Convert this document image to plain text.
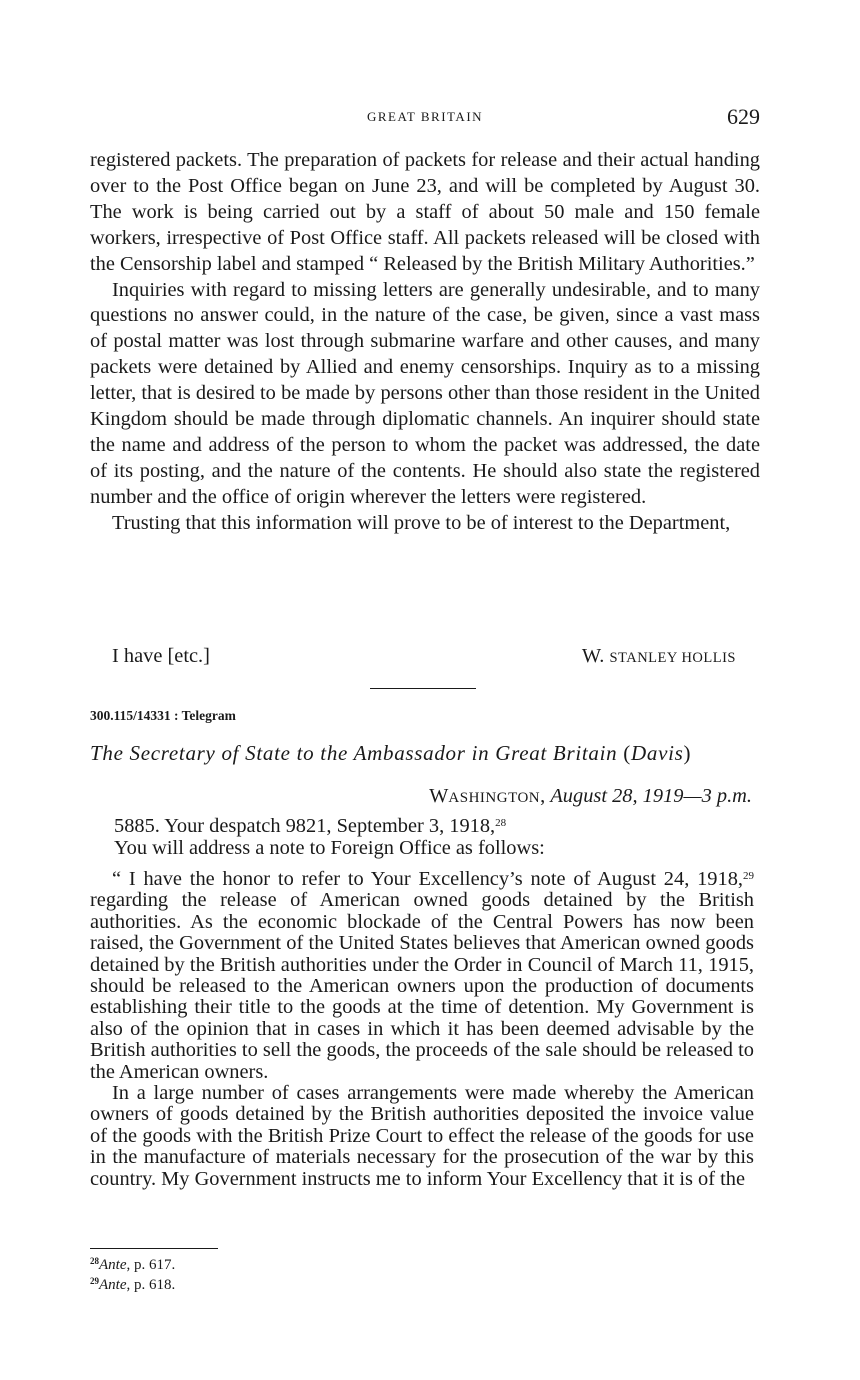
GREAT BRITAIN	629

registered packets. The preparation of packets for release and their actual handing over to the Post Office began on June 23, and will be completed by August 30. The work is being carried out by a staff of about 50 male and 150 female workers, irrespective of Post Office staff. All packets released will be closed with the Censorship label and stamped “ Released by the British Military Authorities.”

Inquiries with regard to missing letters are generally undesirable, and to many questions no answer could, in the nature of the case, be given, since a vast mass of postal matter was lost through submarine warfare and other causes, and many packets were detained by Allied and enemy censorships. Inquiry as to a missing letter, that is desired to be made by persons other than those resident in the United Kingdom should be made through diplomatic channels. An inquirer should state the name and address of the person to whom the packet was addressed, the date of its posting, and the nature of the contents. He should also state the registered number and the office of origin wherever the letters were registered.

Trusting that this information will prove to be of interest to the Department,

I have [etc.]	W. STANLEY HOLLIS
300.115/14331 : Telegram
The Secretary of State to the Ambassador in Great Britain (Davis)
WASHINGTON, August 28, 1919—3 p.m.
5885. Your despatch 9821, September 3, 1918,28
You will address a note to Foreign Office as follows:

“ I have the honor to refer to Your Excellency’s note of August 24, 1918,29 regarding the release of American owned goods detained by the British authorities. As the economic blockade of the Central Powers has now been raised, the Government of the United States believes that American owned goods detained by the British authorities under the Order in Council of March 11, 1915, should be released to the American owners upon the production of documents establishing their title to the goods at the time of detention. My Government is also of the opinion that in cases in which it has been deemed advisable by the British authorities to sell the goods, the proceeds of the sale should be released to the American owners.

In a large number of cases arrangements were made whereby the American owners of goods detained by the British authorities deposited the invoice value of the goods with the British Prize Court to effect the release of the goods for use in the manufacture of materials necessary for the prosecution of the war by this country. My Government instructs me to inform Your Excellency that it is of the

$^{28}$Ante, p. 617.
$^{29}$Ante, p. 618.
